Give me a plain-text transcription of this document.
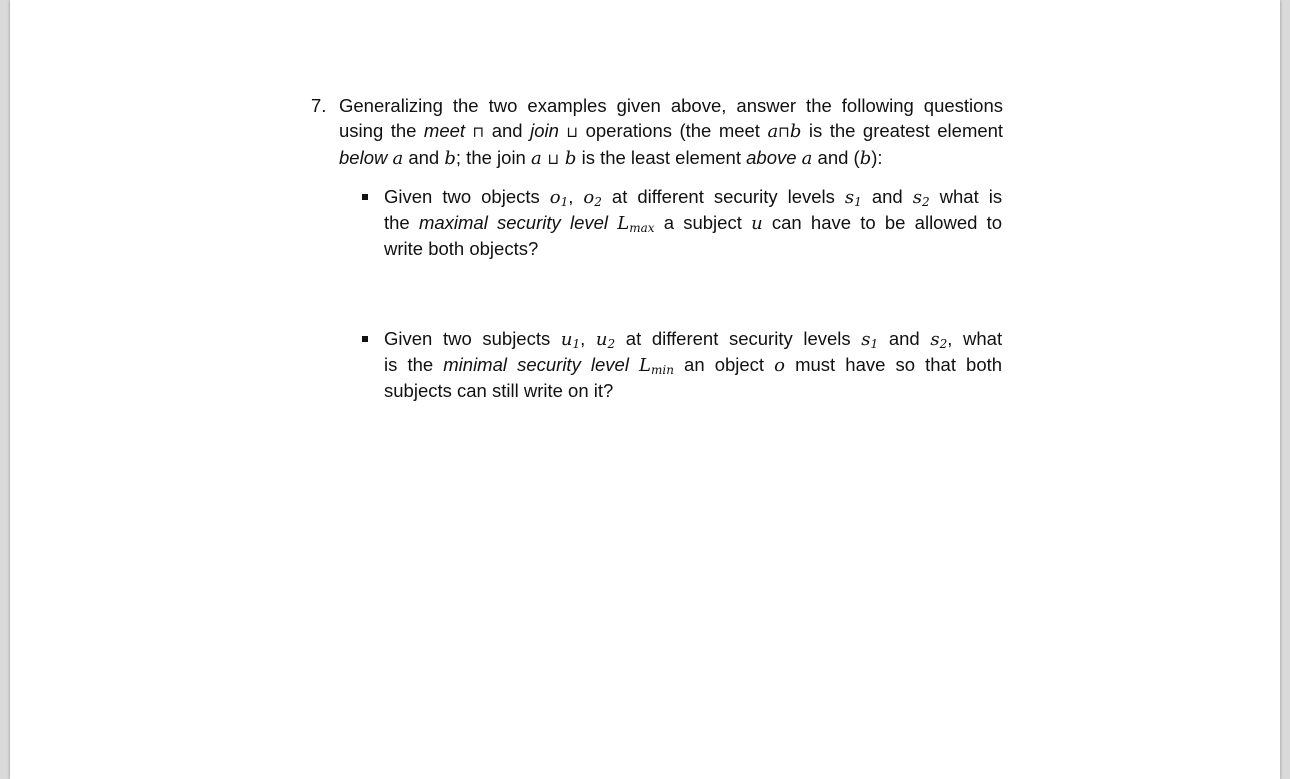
7. Generalizing the two examples given above, answer the following questions
using the meet ⊓ and join ⊔ operations (the meet a⊓b is the greatest element
below a and b; the join a ⊔ b is the least element above a and (b):
Given two objects $o_1$, $o_2$ at different security levels $s_1$ and $s_2$ what is
the maximal security level $L_{max}$ a subject u can have to be allowed to
write both objects?
Given two subjects $u_1$, $u_2$ at different security levels $s_1$ and $s_2$, what
is the minimal security level $L_{min}$ an object o must have so that both
subjects can still write on it?
